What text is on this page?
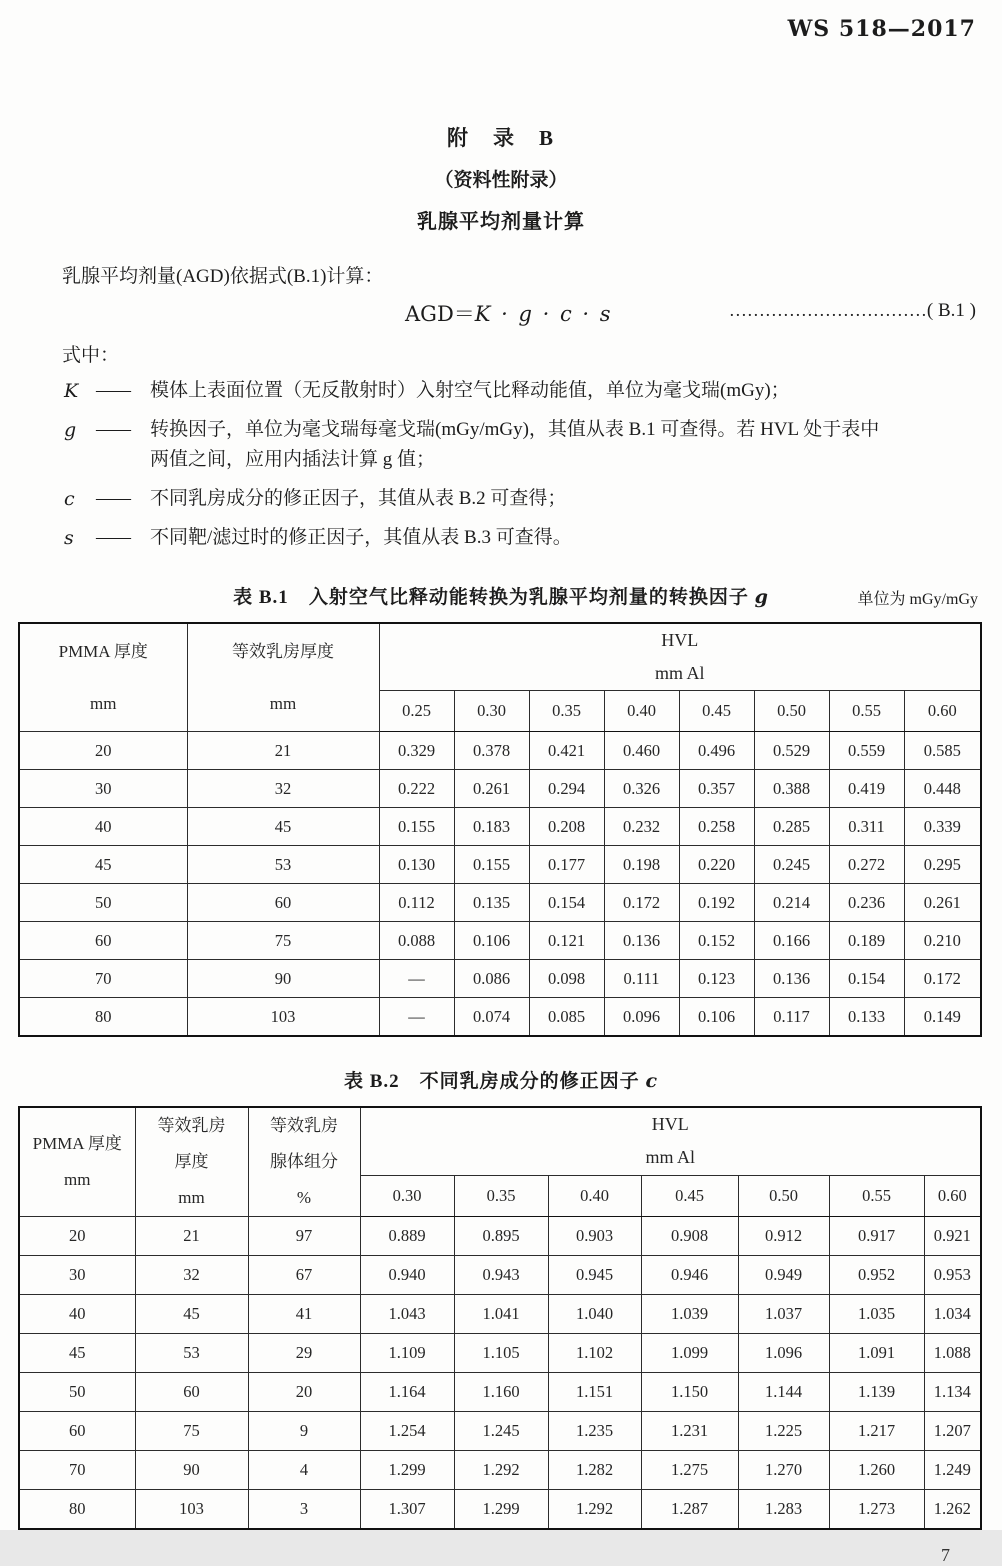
WS 518—2017
附　录　B
（资料性附录）
乳腺平均剂量计算

乳腺平均剂量(AGD)依据式(B.1)计算：

AGD＝K · g · c · s	……………………………( B.1 )

式中：

K ——	模体上表面位置（无反散射时）入射空气比释动能值，单位为毫戈瑞(mGy)；
g	——	转换因子，单位为毫戈瑞每毫戈瑞(mGy/mGy)，其值从表 B.1 可查得。若 HVL 处于表中
两值之间，应用内插法计算 g 值；
c	——	不同乳房成分的修正因子，其值从表 B.2 可查得；
s	——	不同靶/滤过时的修正因子，其值从表 B.3 可查得。
表 B.1　 入射空气比释动能转换为乳腺平均剂量的转换因子 g	单位为 mGy/mGy
PMMA 厚度
mm

等效乳房厚度
mm

HVL
mm Al

		0.25	0.30	0.35	0.40	0.45	0.50	0.55	0.60
20	21	0.329	0.378	0.421	0.460	0.496	0.529	0.559	0.585
30	32	0.222	0.261	0.294	0.326	0.357	0.388	0.419	0.448
40	45	0.155	0.183	0.208	0.232	0.258	0.285	0.311	0.339
45	53	0.130	0.155	0.177	0.198	0.220	0.245	0.272	0.295
50	60	0.112	0.135	0.154	0.172	0.192	0.214	0.236	0.261
60	75	0.088	0.106	0.121	0.136	0.152	0.166	0.189	0.210
70	90	—	0.086	0.098	0.111	0.123	0.136	0.154	0.172
80	103	—	0.074	0.085	0.096	0.106	0.117	0.133	0.149
表 B.2　 不同乳房成分的修正因子 c
PMMA 厚度
mm

等效乳房
厚度
mm

等效乳房
腺体组分
%

HVL
mm Al

			0.30	0.35	0.40	0.45	0.50	0.55	0.60
20	21	97	0.889	0.895	0.903	0.908	0.912	0.917	0.921
30	32	67	0.940	0.943	0.945	0.946	0.949	0.952	0.953
40	45	41	1.043	1.041	1.040	1.039	1.037	1.035	1.034
45	53	29	1.109	1.105	1.102	1.099	1.096	1.091	1.088
50	60	20	1.164	1.160	1.151	1.150	1.144	1.139	1.134
60	75	9	1.254	1.245	1.235	1.231	1.225	1.217	1.207
70	90	4	1.299	1.292	1.282	1.275	1.270	1.260	1.249
80	103	3	1.307	1.299	1.292	1.287	1.283	1.273	1.262
7
